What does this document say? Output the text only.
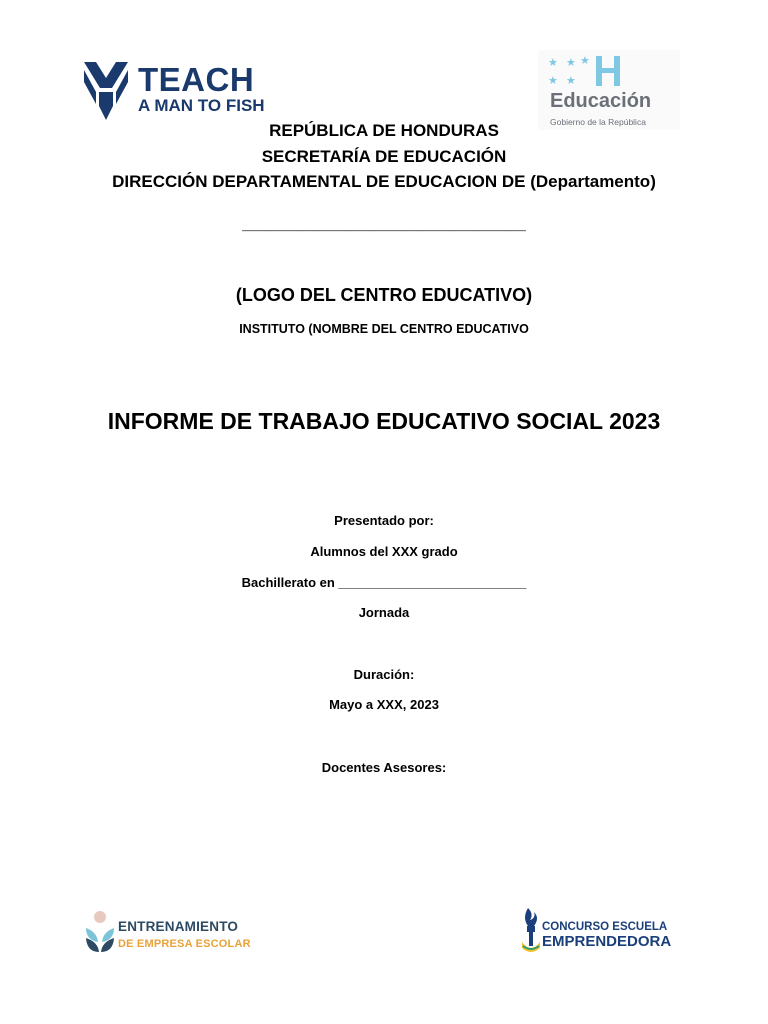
TEACH
A MAN TO FISH
★ ★ ★
★ ★
Educación
Gobierno de la República
REPÚBLICA DE HONDURAS
SECRETARÍA DE EDUCACIÓN
DIRECCIÓN DEPARTAMENTAL DE EDUCACION DE (Departamento)
______________________________
(LOGO DEL CENTRO EDUCATIVO)
INSTITUTO (NOMBRE DEL CENTRO EDUCATIVO
INFORME DE TRABAJO EDUCATIVO SOCIAL 2023
Presentado por:
Alumnos del XXX grado
Bachillerato en __________________________
Jornada
Duración:
Mayo a XXX, 2023
Docentes Asesores:
ENTRENAMIENTO
DE EMPRESA ESCOLAR
CONCURSO ESCUELA
EMPRENDEDORA
